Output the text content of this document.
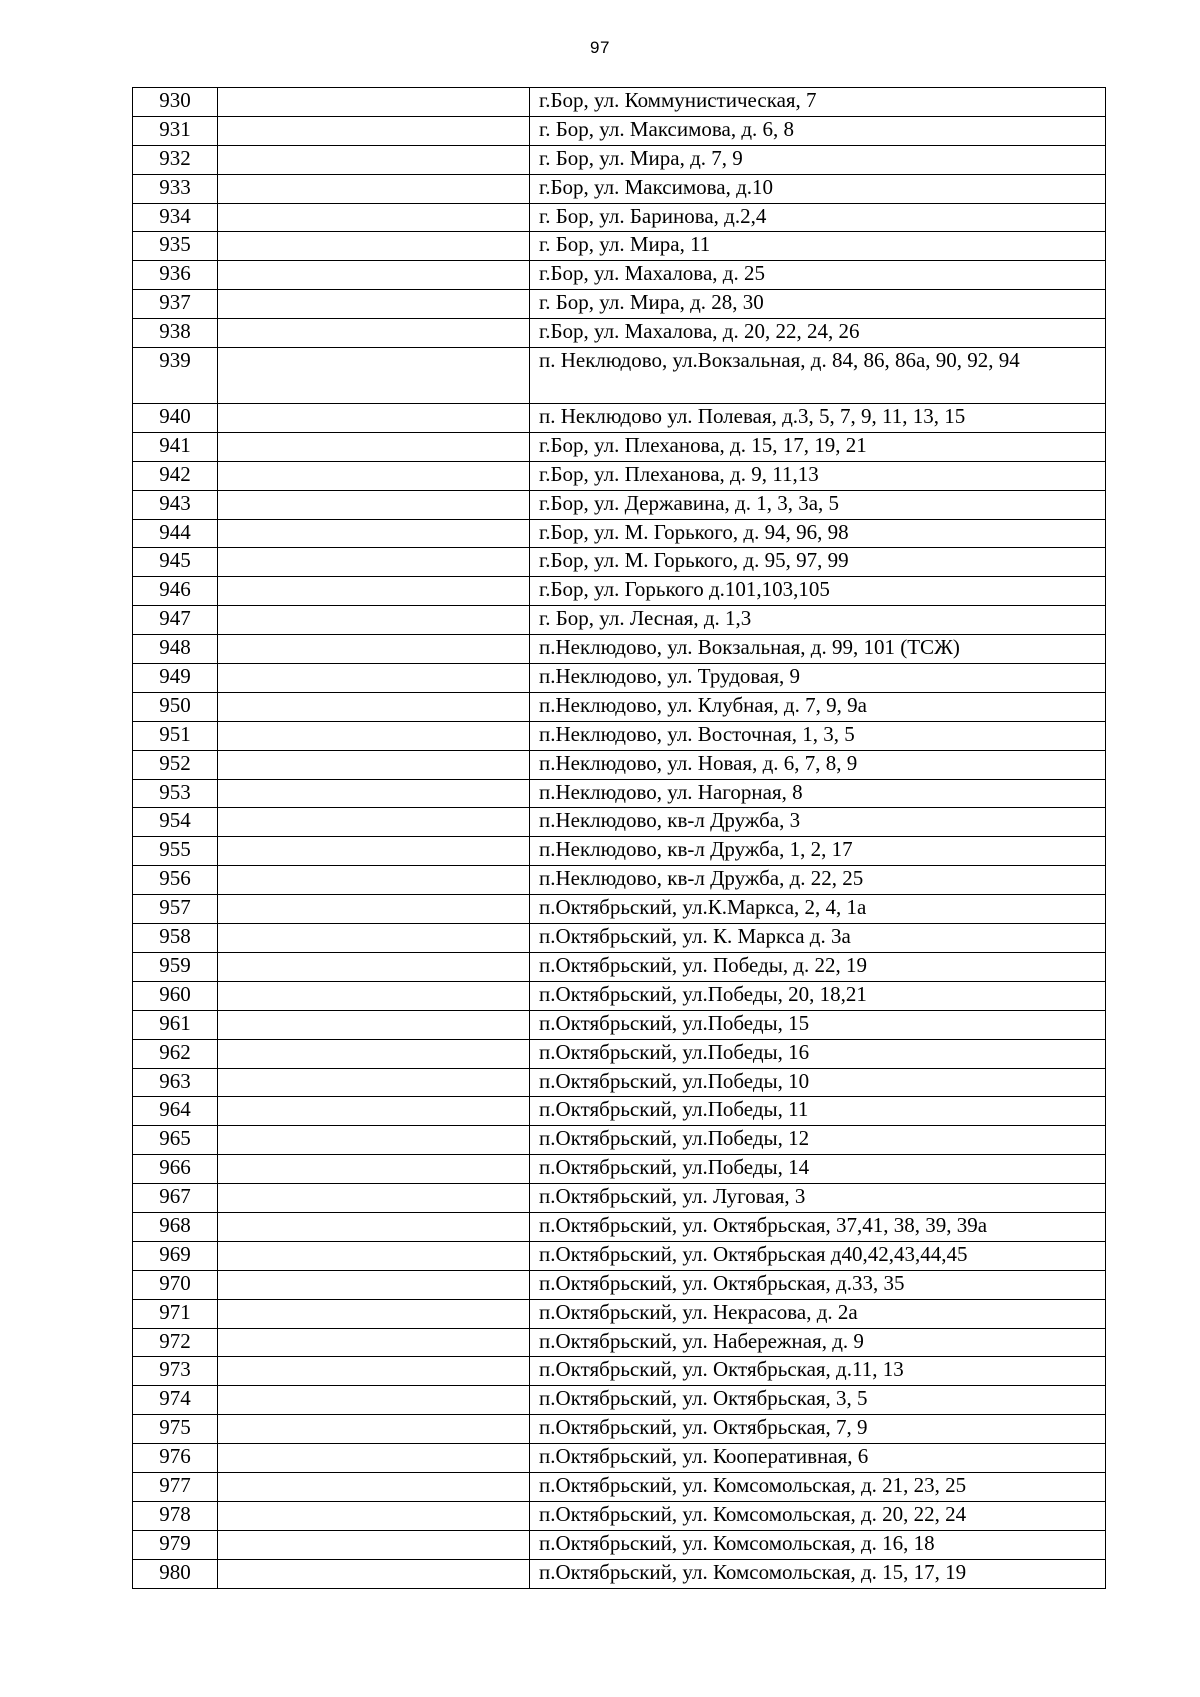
97
930		г.Бор, ул. Коммунистическая, 7
931		г. Бор, ул. Максимова, д. 6, 8
932		г. Бор, ул. Мира, д. 7, 9
933		г.Бор, ул. Максимова, д.10
934		г. Бор, ул. Баринова, д.2,4
935		г. Бор, ул. Мира, 11
936		г.Бор, ул. Махалова, д. 25
937		г. Бор, ул. Мира, д. 28, 30
938		г.Бор, ул. Махалова, д. 20, 22, 24, 26
939		п. Неклюдово, ул.Вокзальная, д. 84, 86, 86а, 90, 92, 94
940		п. Неклюдово ул. Полевая, д.3, 5, 7, 9, 11, 13, 15
941		г.Бор, ул. Плеханова, д. 15, 17, 19, 21
942		г.Бор, ул. Плеханова, д. 9, 11,13
943		г.Бор, ул. Державина, д. 1, 3, 3а, 5
944		г.Бор, ул. М. Горького, д. 94, 96, 98
945		г.Бор, ул. М. Горького, д. 95, 97, 99
946		г.Бор, ул. Горького д.101,103,105
947		г. Бор, ул. Лесная, д. 1,3
948		п.Неклюдово, ул. Вокзальная, д. 99, 101 (ТСЖ)
949		п.Неклюдово, ул. Трудовая, 9
950		п.Неклюдово, ул. Клубная, д. 7, 9, 9а
951		п.Неклюдово, ул. Восточная, 1, 3, 5
952		п.Неклюдово, ул. Новая, д. 6, 7, 8, 9
953		п.Неклюдово, ул. Нагорная, 8
954		п.Неклюдово, кв-л Дружба, 3
955		п.Неклюдово, кв-л Дружба, 1, 2, 17
956		п.Неклюдово, кв-л Дружба, д. 22, 25
957		п.Октябрьский, ул.К.Маркса, 2, 4, 1а
958		п.Октябрьский, ул. К. Маркса д. 3а
959		п.Октябрьский, ул. Победы, д. 22, 19
960		п.Октябрьский, ул.Победы, 20, 18,21
961		п.Октябрьский, ул.Победы, 15
962		п.Октябрьский, ул.Победы, 16
963		п.Октябрьский, ул.Победы, 10
964		п.Октябрьский, ул.Победы, 11
965		п.Октябрьский, ул.Победы, 12
966		п.Октябрьский, ул.Победы, 14
967		п.Октябрьский, ул. Луговая, 3
968		п.Октябрьский, ул. Октябрьская, 37,41, 38, 39, 39а
969		п.Октябрьский, ул. Октябрьская д40,42,43,44,45
970		п.Октябрьский, ул. Октябрьская, д.33, 35
971		п.Октябрьский, ул. Некрасова, д. 2а
972		п.Октябрьский, ул. Набережная, д. 9
973		п.Октябрьский, ул. Октябрьская, д.11, 13
974		п.Октябрьский, ул. Октябрьская, 3, 5
975		п.Октябрьский, ул. Октябрьская, 7, 9
976		п.Октябрьский, ул. Кооперативная, 6
977		п.Октябрьский, ул. Комсомольская, д. 21, 23, 25
978		п.Октябрьский, ул. Комсомольская, д. 20, 22, 24
979		п.Октябрьский, ул. Комсомольская, д. 16, 18
980		п.Октябрьский, ул. Комсомольская, д. 15, 17, 19
